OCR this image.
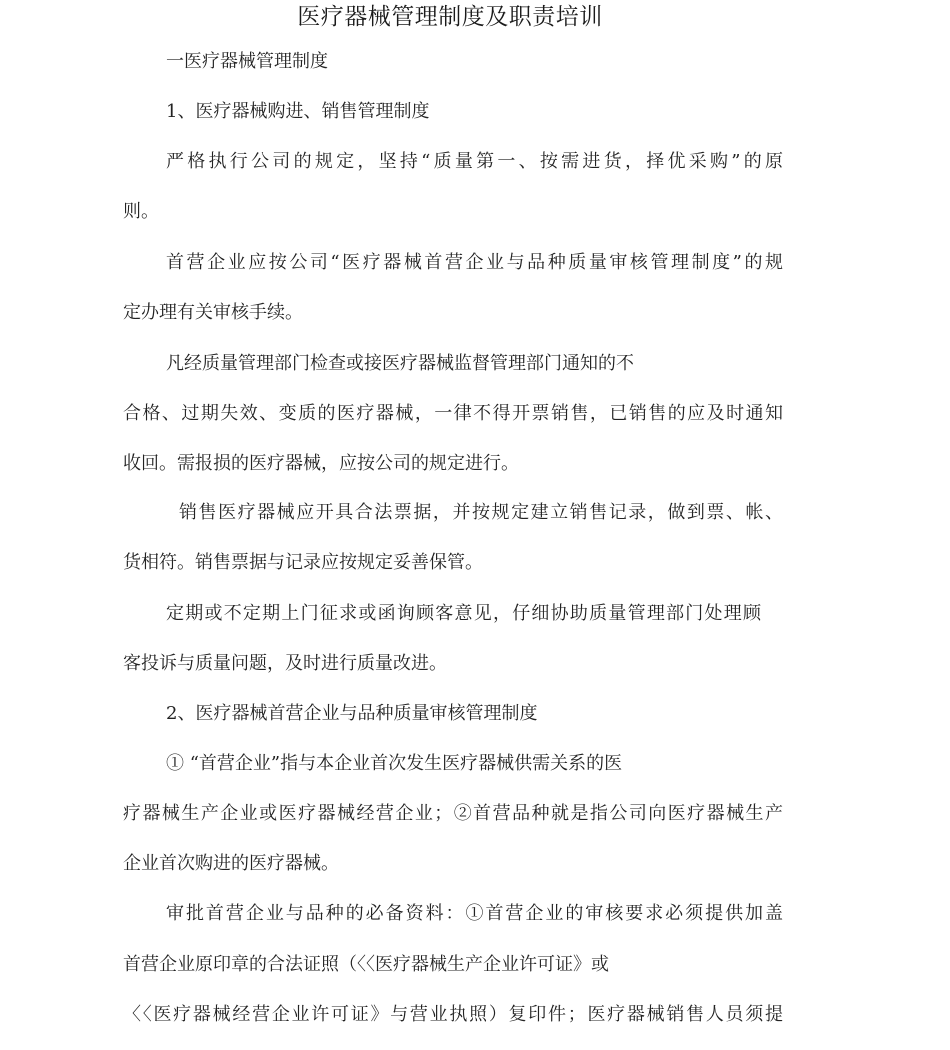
医疗器械管理制度及职责培训
一医疗器械管理制度
1、医疗器械购进、销售管理制度
严格执行公司的规定，坚持“质量第一、按需进货，择优采购”的原
则。
首营企业应按公司“医疗器械首营企业与品种质量审核管理制度”的规
定办理有关审核手续。
凡经质量管理部门检查或接医疗器械监督管理部门通知的不
合格、过期失效、变质的医疗器械，一律不得开票销售，已销售的应及时通知
收回。需报损的医疗器械，应按公司的规定进行。
销售医疗器械应开具合法票据，并按规定建立销售记录，做到票、帐、
货相符。销售票据与记录应按规定妥善保管。
定期或不定期上门征求或函询顾客意见，仔细协助质量管理部门处理顾
客投诉与质量问题，及时进行质量改进。
2、医疗器械首营企业与品种质量审核管理制度
① “首营企业”指与本企业首次发生医疗器械供需关系的医
疗器械生产企业或医疗器械经营企业；②首营品种就是指公司向医疗器械生产
企业首次购进的医疗器械。
审批首营企业与品种的必备资料：①首营企业的审核要求必须提供加盖
首营企业原印章的合法证照（〈〈医疗器械生产企业许可证》或
〈〈医疗器械经营企业许可证》与营业执照）复印件；医疗器械销售人员须提
